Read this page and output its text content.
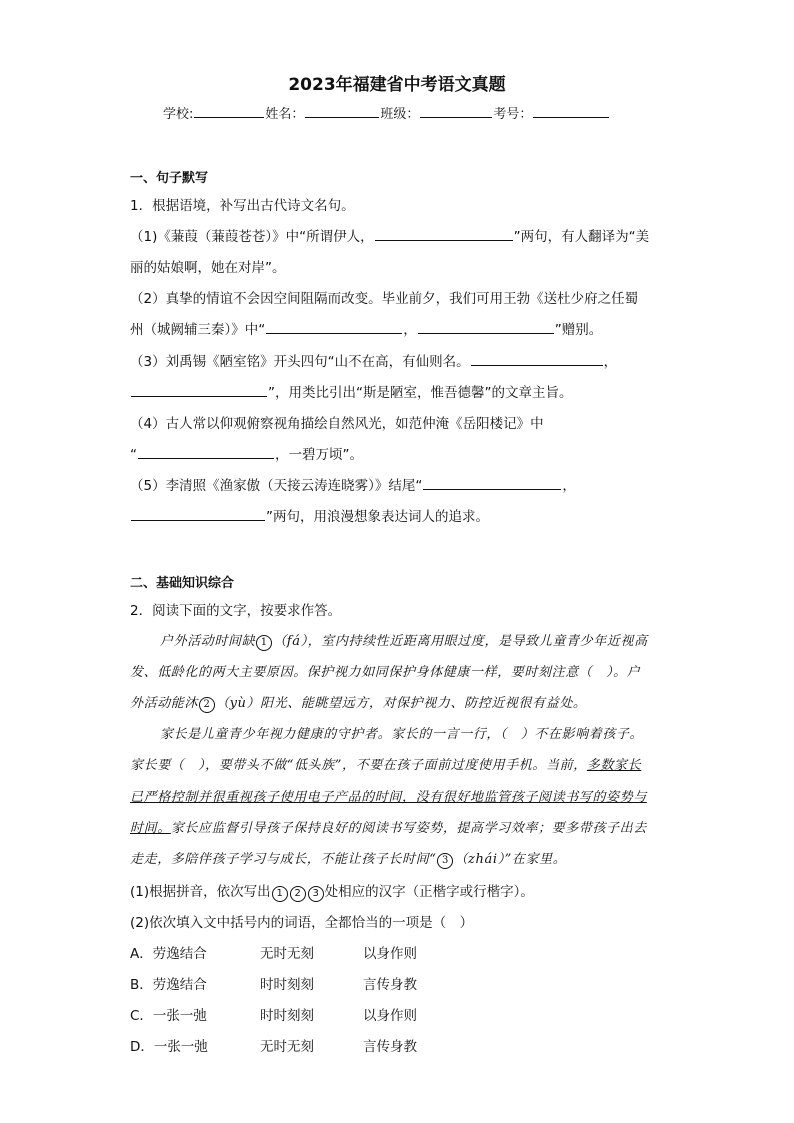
2023年福建省中考语文真题
学校:	姓名：	班级：	考号：
一、句子默写
1．根据语境，补写出古代诗文名句。
（1)《蒹葭（蒹葭苍苍）》中“所谓伊人，	”两句，有人翻译为“美
丽的姑娘啊，她在对岸”。
（2）真挚的情谊不会因空间阻隔而改变。毕业前夕，我们可用王勃《送杜少府之任蜀
州（城阙辅三秦）》中“	，	”赠别。
（3）刘禹锡《陋室铭》开头四句“山不在高，有仙则名。	，
”，用类比引出“斯是陋室，惟吾德馨”的文章主旨。
（4）古人常以仰观俯察视角描绘自然风光，如范仲淹《岳阳楼记》中
“	，一碧万顷”。
（5）李清照《渔家傲（天接云涛连晓雾）》结尾“	，
”两句，用浪漫想象表达词人的追求。
二、基础知识综合
2．阅读下面的文字，按要求作答。
户外活动时间缺 1 （fá），室内持续性近距离用眼过度，是导致儿童青少年近视高
发、低龄化的两大主要原因。保护视力如同保护身体健康一样，要时刻注意（　）。户
外活动能沐 2 （yù）阳光、能眺望远方，对保护视力、防控近视很有益处。
家长是儿童青少年视力健康的守护者。家长的一言一行，（　）不在影响着孩子。
家长要（　），要带头不做“低头族”，不要在孩子面前过度使用手机。当前，多数家长
已严格控制并很重视孩子使用电子产品的时间，没有很好地监管孩子阅读书写的姿势与
时间。家长应监督引导孩子保持良好的阅读书写姿势，提高学习效率；要多带孩子出去
走走，多陪伴孩子学习与成长，不能让孩子长时间“ 3 （zhái）”在家里。
(1)根据拼音，依次写出 1 2 3 处相应的汉字（正楷字或行楷字）。
(2)依次填入文中括号内的词语，全都恰当的一项是（　）
A．劳逸结合	无时无刻	以身作则
B．劳逸结合	时时刻刻	言传身教
C．一张一弛	时时刻刻	以身作则
D．一张一弛	无时无刻	言传身教
